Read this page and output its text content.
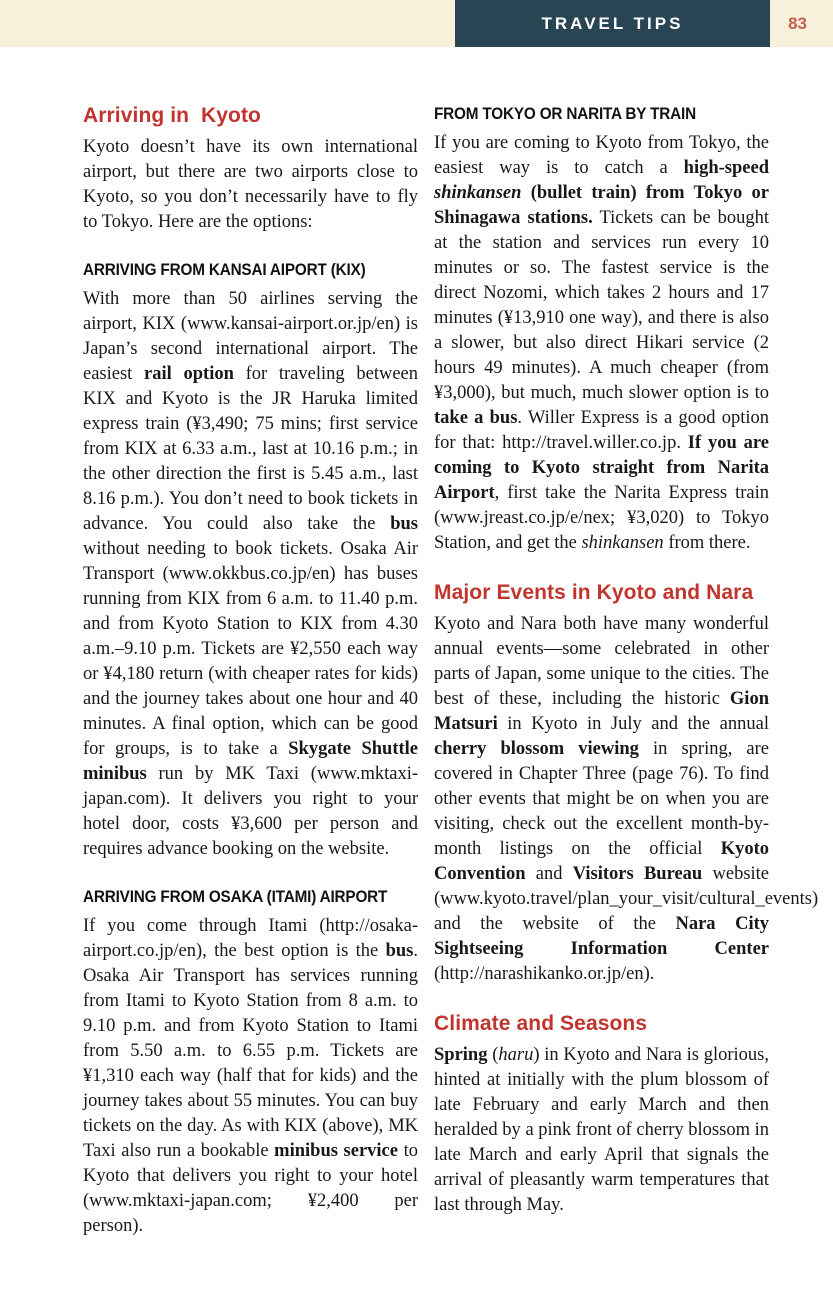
TRAVEL TIPS	83
Arriving in  Kyoto

Kyoto doesn’t have its own international airport, but there are two airports close to Kyoto, so you don’t necessarily have to fly to Tokyo. Here are the options:

ARRIVING FROM KANSAI AIPORT (KIX)

With more than 50 airlines serving the airport, KIX (www.kansai-airport.or.jp/en) is Japan’s second international airport. The easiest rail option for traveling between KIX and Kyoto is the JR Haruka limited express train (¥3,490; 75 mins; first service from KIX at 6.33 a.m., last at 10.16 p.m.; in the other direction the first is 5.45 a.m., last 8.16 p.m.). You don’t need to book tickets in advance. You could also take the bus without needing to book tickets. Osaka Air Transport (www.okkbus.co.jp/en) has buses running from KIX from 6 a.m. to 11.40 p.m. and from Kyoto Station to KIX from 4.30 a.m.–9.10 p.m. Tickets are ¥2,550 each way or ¥4,180 return (with cheaper rates for kids) and the journey takes about one hour and 40 minutes. A final option, which can be good for groups, is to take a Skygate Shuttle minibus run by MK Taxi (www.mktaxi-japan.com). It delivers you right to your hotel door, costs ¥3,600 per person and requires advance booking on the website.

ARRIVING FROM OSAKA (ITAMI) AIRPORT

If you come through Itami (http://osaka-airport.co.jp/en), the best option is the bus. Osaka Air Transport has services running from Itami to Kyoto Station from 8 a.m. to 9.10 p.m. and from Kyoto Station to Itami from 5.50 a.m. to 6.55 p.m. Tickets are ¥1,310 each way (half that for kids) and the journey takes about 55 minutes. You can buy tickets on the day. As with KIX (above), MK Taxi also run a bookable minibus service to Kyoto that delivers you right to your hotel (www.mktaxi-japan.com; ¥2,400 per person).

FROM TOKYO OR NARITA BY TRAIN

If you are coming to Kyoto from Tokyo, the easiest way is to catch a high-speed shinkansen (bullet train) from Tokyo or Shinagawa stations. Tickets can be bought at the station and services run every 10 minutes or so. The fastest service is the direct Nozomi, which takes 2 hours and 17 minutes (¥13,910 one way), and there is also a slower, but also direct Hikari service (2 hours 49 minutes). A much cheaper (from ¥3,000), but much, much slower option is to take a bus. Willer Express is a good option for that: http://travel.willer.co.jp. If you are coming to Kyoto straight from Narita Airport, first take the Narita Express train (www.jreast.co.jp/e/nex; ¥3,020) to Tokyo Station, and get the shinkansen from there.

Major Events in Kyoto and Nara

Kyoto and Nara both have many wonderful annual events—some celebrated in other parts of Japan, some unique to the cities. The best of these, including the historic Gion Matsuri in Kyoto in July and the annual cherry blossom viewing in spring, are covered in Chapter Three (page 76). To find other events that might be on when you are visiting, check out the excellent month-by-month listings on the official Kyoto Convention and Visitors Bureau website (www.kyoto.travel/plan_your_visit/cultural_events) and the website of the Nara City Sightseeing Information Center (http://narashikanko.or.jp/en).

Climate and Seasons

Spring (haru) in Kyoto and Nara is glorious, hinted at initially with the plum blossom of late February and early March and then heralded by a pink front of cherry blossom in late March and early April that signals the arrival of pleasantly warm temperatures that last through May.
